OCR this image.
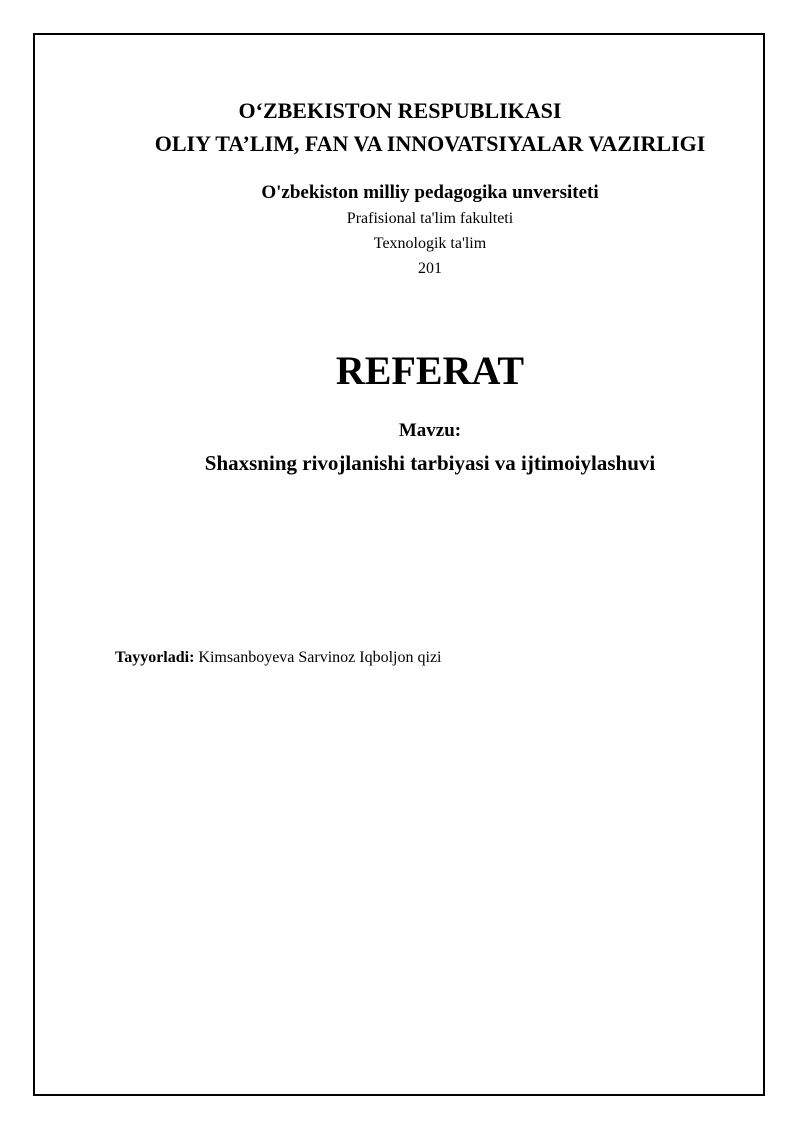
O‘ZBEKISTON RESPUBLIKASI
OLIY TA’LIM, FAN VA INNOVATSIYALAR VAZIRLIGI
O'zbekiston milliy pedagogika unversiteti
Prafisional ta'lim fakulteti
Texnologik ta'lim
201
REFERAT
Mavzu:
Shaxsning rivojlanishi tarbiyasi va ijtimoiylashuvi
Tayyorladi: Kimsanboyeva Sarvinoz Iqboljon qizi
